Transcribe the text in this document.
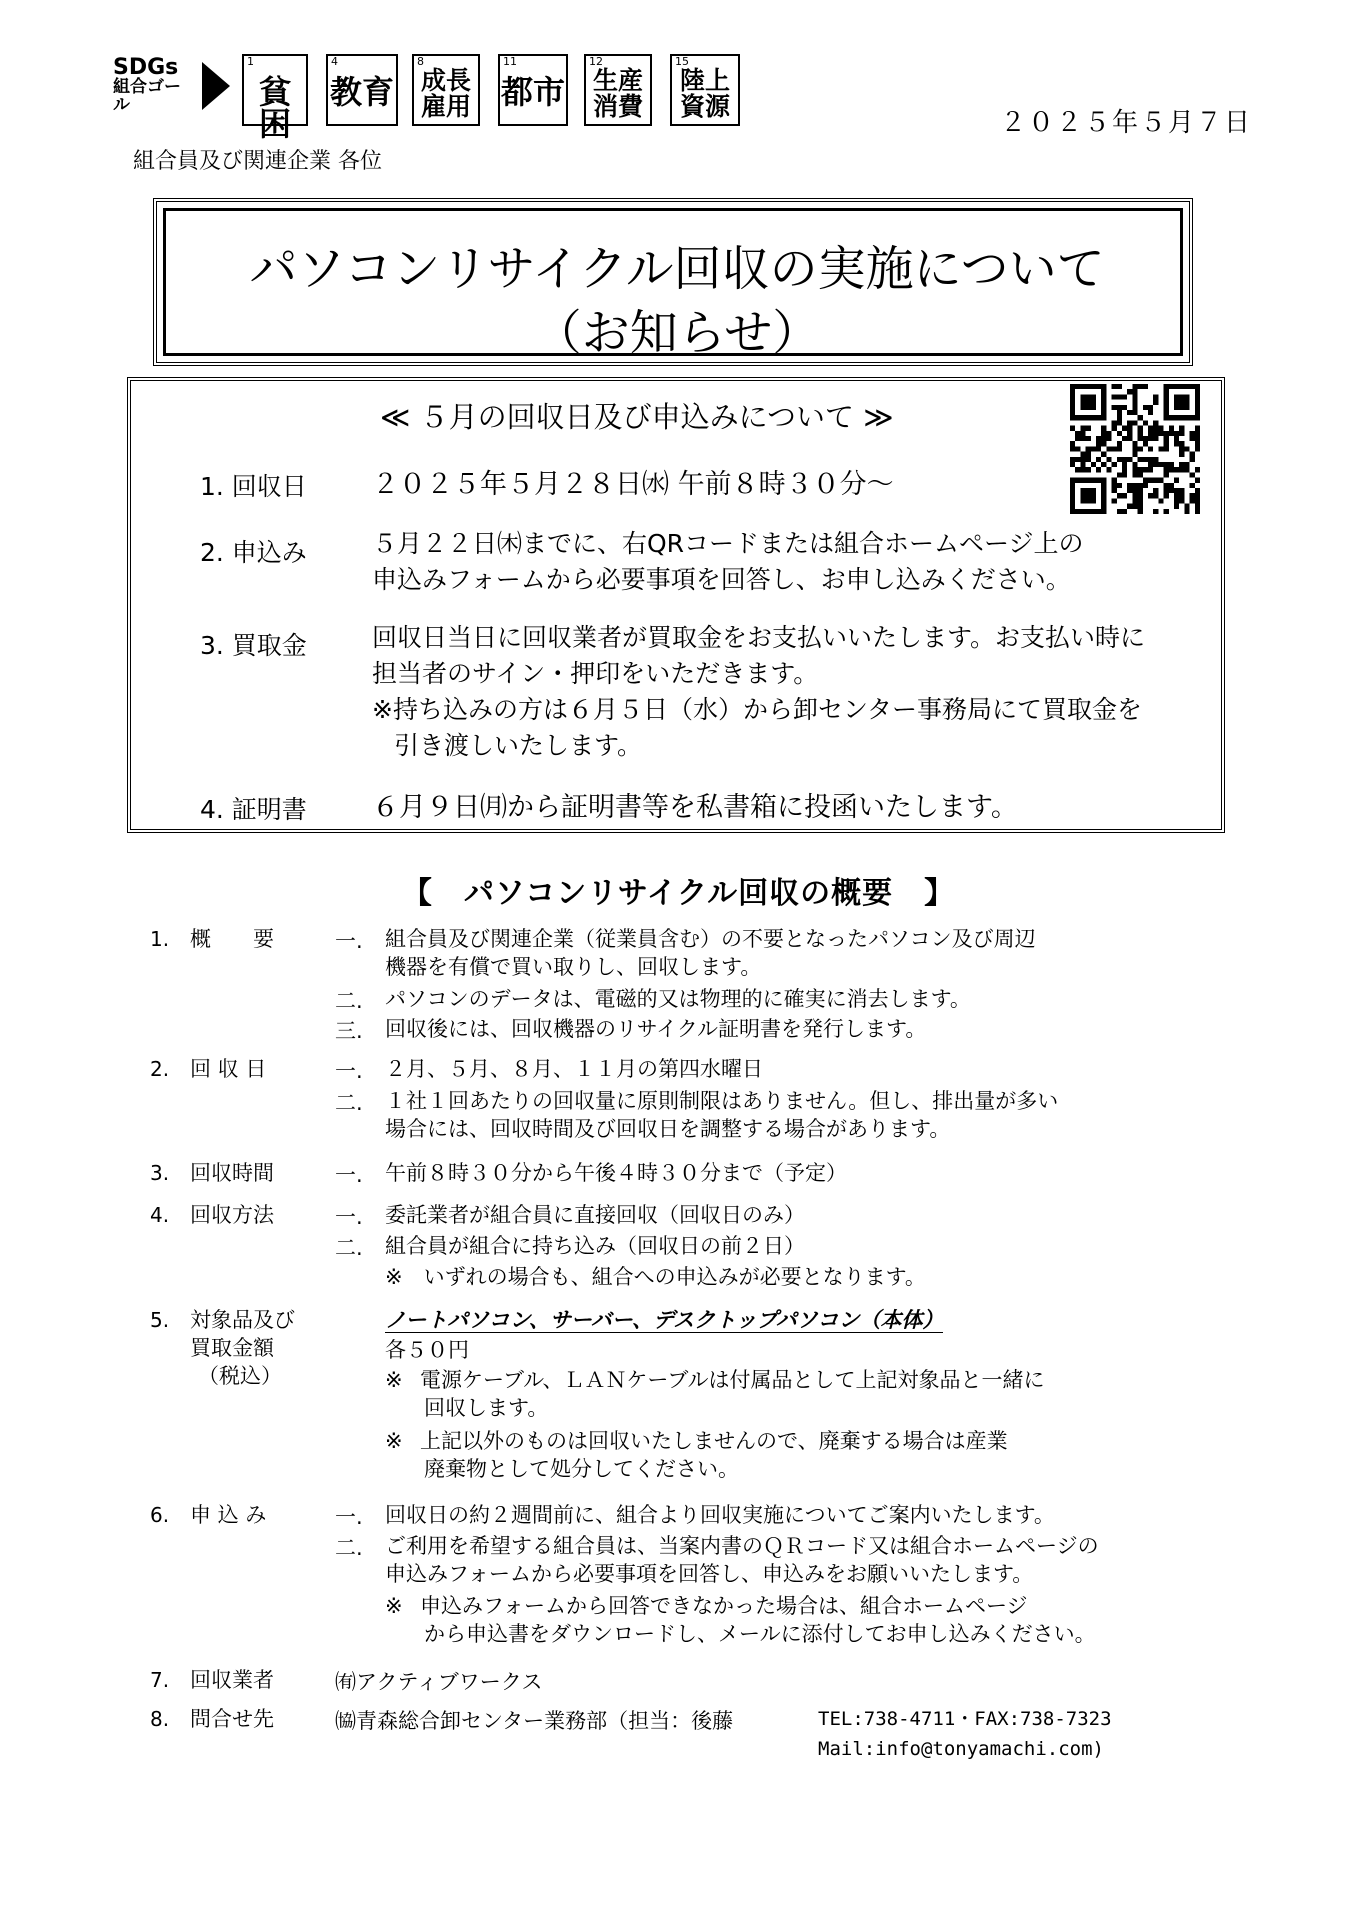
SDGs
組合ゴール
1
貧困
4
教育
8
成長
雇用
11
都市
12
生産
消費
15
陸上
資源
２０２５年５月７日
組合員及び関連企業 各位
パソコンリサイクル回収の実施について
（お知らせ）
≪ ５月の回収日及び申込みについて ≫
1. 回収日 ２０２５年５月２８日㈬ 午前８時３０分～
2. 申込み	５月２２日㈭までに、右QRコードまたは組合ホームページ上の
申込みフォームから必要事項を回答し、お申し込みください。
3. 買取金	回収日当日に回収業者が買取金をお支払いいたします。お支払い時に
担当者のサイン・押印をいただきます。
※持ち込みの方は６月５日（水）から卸センター事務局にて買取金を
引き渡しいたします。
4. 証明書 ６月９日㈪から証明書等を私書箱に投函いたします。
【　パソコンリサイクル回収の概要　】
1. 概　　要	一. 組合員及び関連企業（従業員含む）の不要となったパソコン及び周辺
機器を有償で買い取りし、回収します。
二. パソコンのデータは、電磁的又は物理的に確実に消去します。
三. 回収後には、回収機器のリサイクル証明書を発行します。
2. 回 収 日	一. ２月、５月、８月、１１月の第四水曜日
二. １社１回あたりの回収量に原則制限はありません。但し、排出量が多い
場合には、回収時間及び回収日を調整する場合があります。
3. 回収時間	一. 午前８時３０分から午後４時３０分まで（予定）
4. 回収方法	一. 委託業者が組合員に直接回収（回収日のみ）
二. 組合員が組合に持ち込み（回収日の前２日）
※　いずれの場合も、組合への申込みが必要となります。
5. 対象品及び
買取金額
（税込）
ノートパソコン、サーバー、デスクトップパソコン（本体）
各５０円
※ 電源ケーブル、ＬＡＮケーブルは付属品として上記対象品と一緒に
回収します。
※ 上記以外のものは回収いたしませんので、廃棄する場合は産業
廃棄物として処分してください。
6. 申 込 み	一. 回収日の約２週間前に、組合より回収実施についてご案内いたします。
二. ご利用を希望する組合員は、当案内書のＱＲコード又は組合ホームページの
申込みフォームから必要事項を回答し、申込みをお願いいたします。
※ 申込みフォームから回答できなかった場合は、組合ホームページ
から申込書をダウンロードし、メールに添付してお申し込みください。
7. 回収業者	㈲アクティブワークス
8. 問合せ先	㈿青森総合卸センター業務部（担当：後藤	TEL:738-4711・FAX:738-7323
Mail:info@tonyamachi.com)
